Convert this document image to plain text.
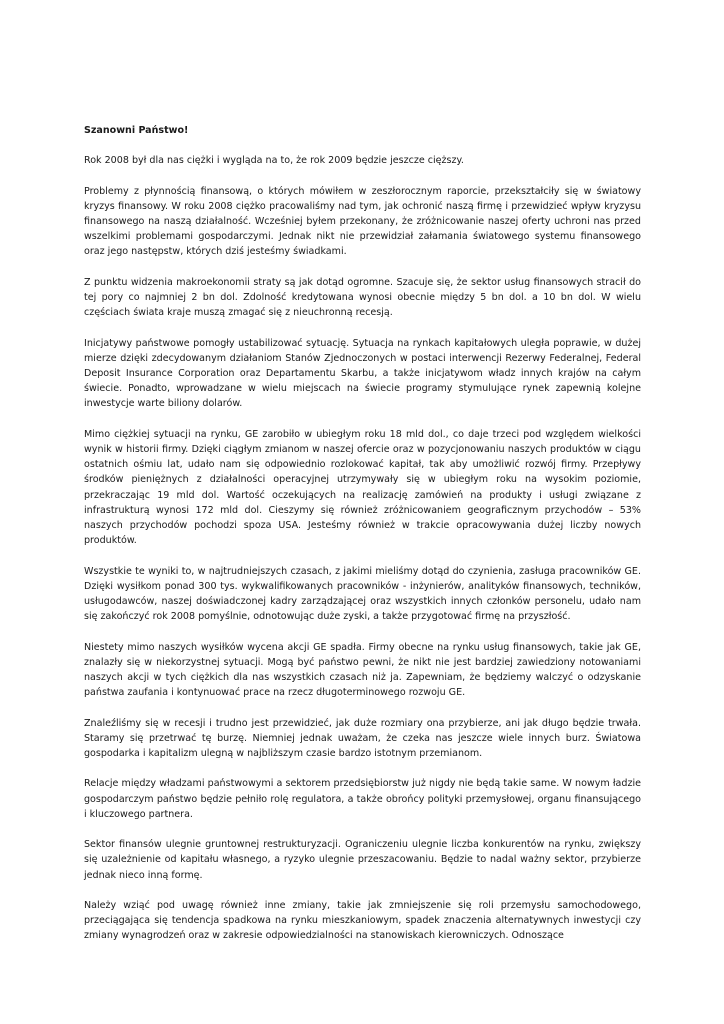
Szanowni Państwo!

Rok 2008 był dla nas ciężki i wygląda na to, że rok 2009 będzie jeszcze cięższy.

Problemy z płynnością finansową, o których mówiłem w zeszłorocznym raporcie, przekształciły się w światowy kryzys finansowy. W roku 2008 ciężko pracowaliśmy nad tym, jak ochronić naszą firmę i przewidzieć wpływ kryzysu finansowego na naszą działalność. Wcześniej byłem przekonany, że zróżnicowanie naszej oferty uchroni nas przed wszelkimi problemami gospodarczymi. Jednak nikt nie przewidział załamania światowego systemu finansowego oraz jego następstw, których dziś jesteśmy świadkami.

Z punktu widzenia makroekonomii straty są jak dotąd ogromne. Szacuje się, że sektor usług finansowych stracił do tej pory co najmniej 2 bn dol. Zdolność kredytowana wynosi obecnie między 5 bn dol. a 10 bn dol. W wielu częściach świata kraje muszą zmagać się z nieuchronną recesją.

Inicjatywy państwowe pomogły ustabilizować sytuację. Sytuacja na rynkach kapitałowych uległa poprawie, w dużej mierze dzięki zdecydowanym działaniom Stanów Zjednoczonych w postaci interwencji Rezerwy Federalnej, Federal Deposit Insurance Corporation oraz Departamentu Skarbu, a także inicjatywom władz innych krajów na całym świecie. Ponadto, wprowadzane w wielu miejscach na świecie programy stymulujące rynek zapewnią kolejne inwestycje warte biliony dolarów.

Mimo ciężkiej sytuacji na rynku, GE zarobiło w ubiegłym roku 18 mld dol., co daje trzeci pod względem wielkości wynik w historii firmy. Dzięki ciągłym zmianom w naszej ofercie oraz w pozycjonowaniu naszych produktów w ciągu ostatnich ośmiu lat, udało nam się odpowiednio rozlokować kapitał, tak aby umożliwić rozwój firmy. Przepływy środków pieniężnych z działalności operacyjnej utrzymywały się w ubiegłym roku na wysokim poziomie, przekraczając 19 mld dol. Wartość oczekujących na realizację zamówień na produkty i usługi związane z infrastrukturą wynosi 172 mld dol. Cieszymy się również zróżnicowaniem geograficznym przychodów – 53% naszych przychodów pochodzi spoza USA. Jesteśmy również w trakcie opracowywania dużej liczby nowych produktów.

Wszystkie te wyniki to, w najtrudniejszych czasach, z jakimi mieliśmy dotąd do czynienia, zasługa pracowników GE. Dzięki wysiłkom ponad 300 tys. wykwalifikowanych pracowników - inżynierów, analityków finansowych, techników, usługodawców, naszej doświadczonej kadry zarządzającej oraz wszystkich innych członków personelu, udało nam się zakończyć rok 2008 pomyślnie, odnotowując duże zyski, a także przygotować firmę na przyszłość.

Niestety mimo naszych wysiłków wycena akcji GE spadła. Firmy obecne na rynku usług finansowych, takie jak GE, znalazły się w niekorzystnej sytuacji. Mogą być państwo pewni, że nikt nie jest bardziej zawiedziony notowaniami naszych akcji w tych ciężkich dla nas wszystkich czasach niż ja. Zapewniam, że będziemy walczyć o odzyskanie państwa zaufania i kontynuować prace na rzecz długoterminowego rozwoju GE.

Znaleźliśmy się w recesji i trudno jest przewidzieć, jak duże rozmiary ona przybierze, ani jak długo będzie trwała. Staramy się przetrwać tę burzę. Niemniej jednak uważam, że czeka nas jeszcze wiele innych burz. Światowa gospodarka i kapitalizm ulegną w najbliższym czasie bardzo istotnym przemianom.

Relacje między władzami państwowymi a sektorem przedsiębiorstw już nigdy nie będą takie same. W nowym ładzie gospodarczym państwo będzie pełniło rolę regulatora, a także obrońcy polityki przemysłowej, organu finansującego i kluczowego partnera.

Sektor finansów ulegnie gruntownej restrukturyzacji. Ograniczeniu ulegnie liczba konkurentów na rynku, zwiększy się uzależnienie od kapitału własnego, a ryzyko ulegnie przeszacowaniu. Będzie to nadal ważny sektor, przybierze jednak nieco inną formę.

Należy wziąć pod uwagę również inne zmiany, takie jak zmniejszenie się roli przemysłu samochodowego, przeciągająca się tendencja spadkowa na rynku mieszkaniowym, spadek znaczenia alternatywnych inwestycji czy zmiany wynagrodzeń oraz w zakresie odpowiedzialności na stanowiskach kierowniczych. Odnoszące
